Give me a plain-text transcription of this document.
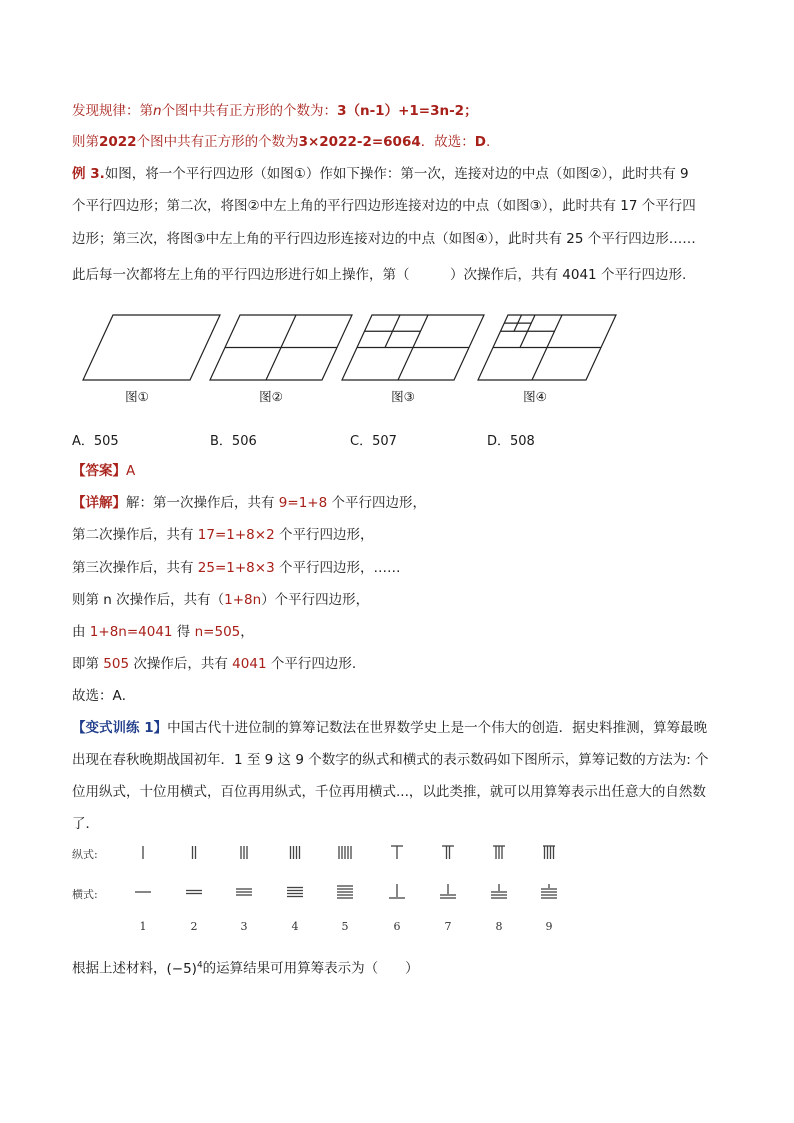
发现规律：第n个图中共有正方形的个数为：3（n-1）+1=3n-2；
则第2022个图中共有正方形的个数为3×2022-2=6064．故选：D.
例 3.如图，将一个平行四边形（如图①）作如下操作：第一次，连接对边的中点（如图②），此时共有 9
个平行四边形；第二次，将图②中左上角的平行四边形连接对边的中点（如图③），此时共有 17 个平行四
边形；第三次，将图③中左上角的平行四边形连接对边的中点（如图④），此时共有 25 个平行四边形……
此后每一次都将左上角的平行四边形进行如上操作，第（　　　）次操作后，共有 4041 个平行四边形.
图①	图②	图③	图④
A．505	B．506	C．507	D．508
【答案】A
【详解】解：第一次操作后，共有 9=1+8 个平行四边形，
第二次操作后，共有 17=1+8×2 个平行四边形，
第三次操作后，共有 25=1+8×3 个平行四边形，……
则第 n 次操作后，共有（1+8n）个平行四边形，
由 1+8n=4041 得 n=505，
即第 505 次操作后，共有 4041 个平行四边形.
故选：A．
【变式训练 1】中国古代十进位制的算筹记数法在世界数学史上是一个伟大的创造．据史料推测，算筹最晚
出现在春秋晚期战国初年．1 至 9 这 9 个数字的纵式和横式的表示数码如下图所示，算筹记数的方法为: 个
位用纵式，十位用横式，百位再用纵式，千位再用横式...，以此类推，就可以用算筹表示出任意大的自然数
了．
纵式:
横式:
1	2	3	4	5	6	7	8	9
根据上述材料，$(-5)^4$的运算结果可用算筹表示为（　　）
